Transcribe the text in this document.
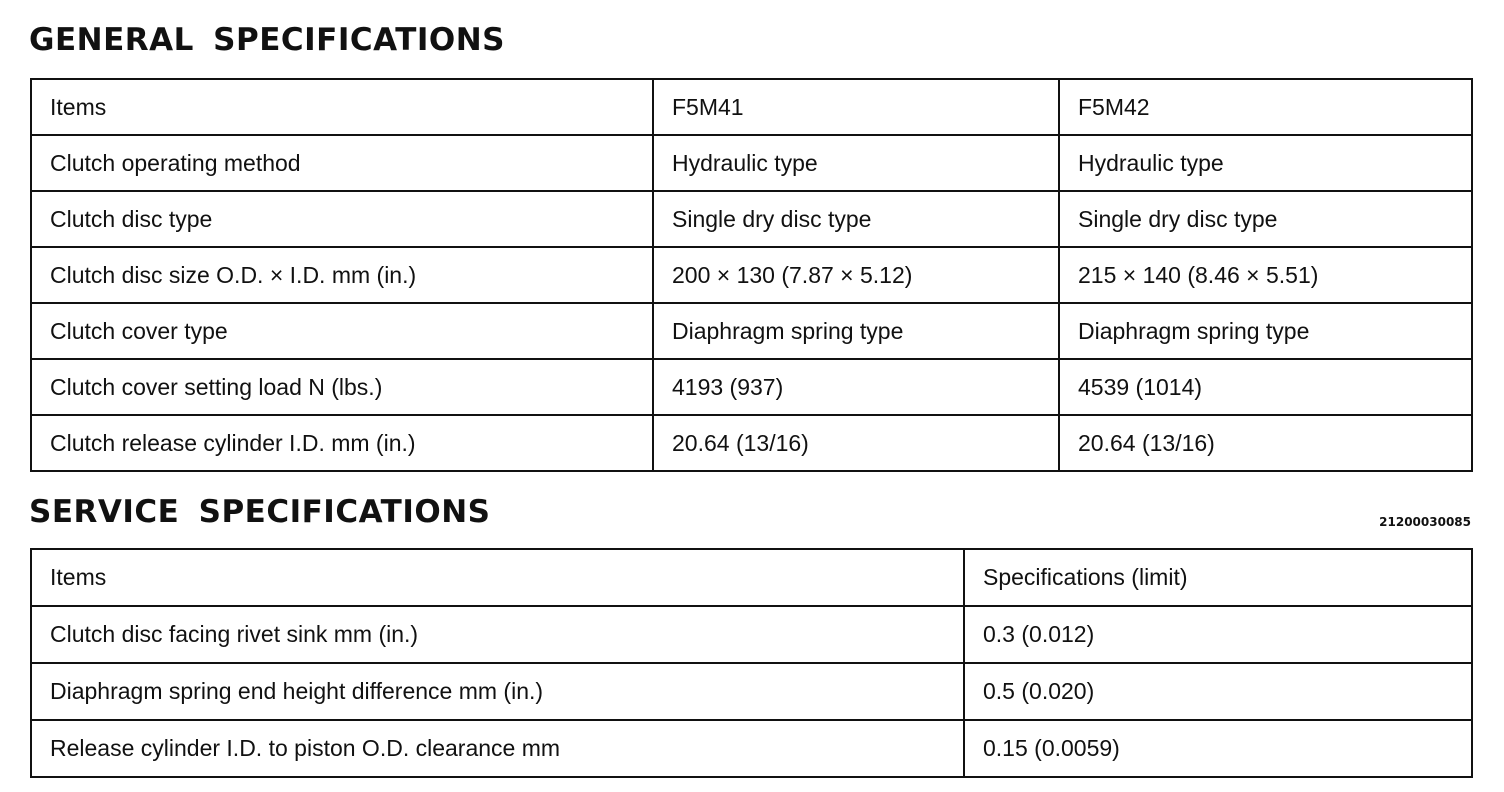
GENERAL SPECIFICATIONS
Items	F5M41	F5M42
Clutch operating method	Hydraulic type	Hydraulic type
Clutch disc type	Single dry disc type	Single dry disc type
Clutch disc size O.D. × I.D. mm (in.)	200 × 130 (7.87 × 5.12)	215 × 140 (8.46 × 5.51)
Clutch cover type	Diaphragm spring type	Diaphragm spring type
Clutch cover setting load N (lbs.)	4193 (937)	4539 (1014)
Clutch release cylinder I.D. mm (in.)	20.64 (13/16)	20.64 (13/16)
SERVICE SPECIFICATIONS	21200030085
Items	Specifications (limit)
Clutch disc facing rivet sink mm (in.)	0.3 (0.012)
Diaphragm spring end height difference mm (in.)	0.5 (0.020)
Release cylinder I.D. to piston O.D. clearance mm	0.15 (0.0059)
